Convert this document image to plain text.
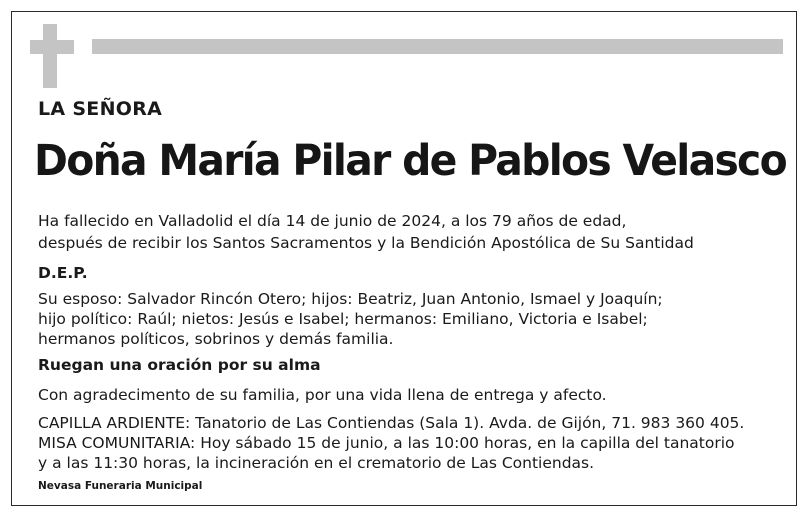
LA SEÑORA
Doña María Pilar de Pablos Velasco
Ha fallecido en Valladolid el día 14 de junio de 2024, a los 79 años de edad,
después de recibir los Santos Sacramentos y la Bendición Apostólica de Su Santidad
D.E.P.
Su esposo: Salvador Rincón Otero; hijos: Beatriz, Juan Antonio, Ismael y Joaquín;
hijo político: Raúl; nietos: Jesús e Isabel; hermanos: Emiliano, Victoria e Isabel;
hermanos políticos, sobrinos y demás familia.
Ruegan una oración por su alma
Con agradecimento de su familia, por una vida llena de entrega y afecto.
CAPILLA ARDIENTE: Tanatorio de Las Contiendas (Sala 1). Avda. de Gijón, 71. 983 360 405.
MISA COMUNITARIA: Hoy sábado 15 de junio, a las 10:00 horas, en la capilla del tanatorio
y a las 11:30 horas, la incineración en el crematorio de Las Contiendas.
Nevasa Funeraria Municipal
